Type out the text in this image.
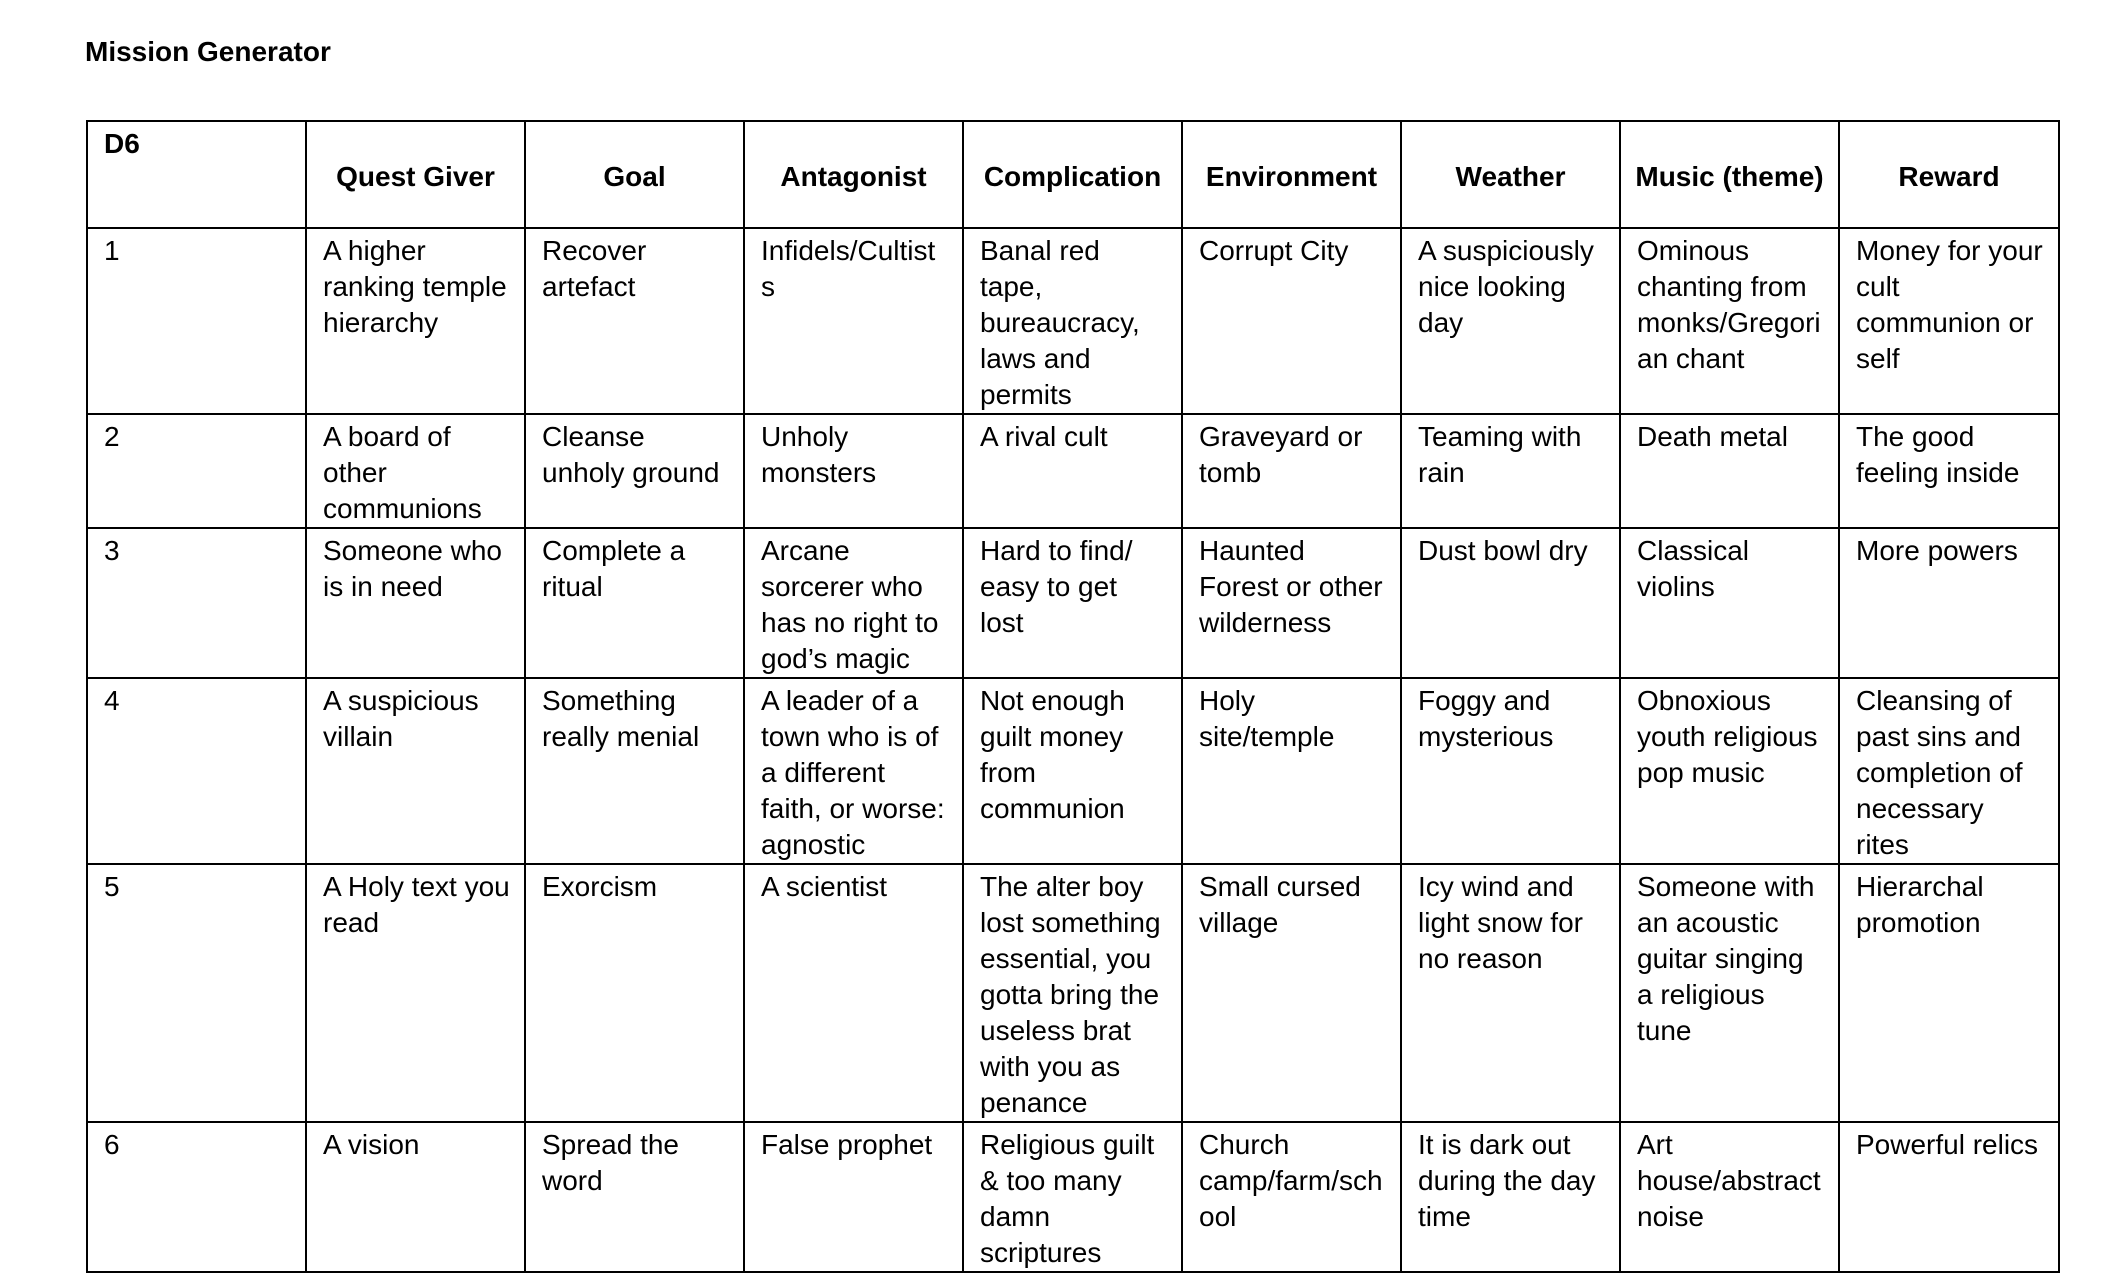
Mission Generator
D6	Quest Giver	Goal	Antagonist	Complication	Environment	Weather	Music (theme)	Reward
1	A higher ranking temple hierarchy	Recover artefact	Infidels/Cultists	Banal red tape, bureaucracy, laws and permits	Corrupt City	A suspiciously nice looking day	Ominous chanting from monks/Gregorian chant	Money for your cult communion or self
2	A board of other communions	Cleanse unholy ground	Unholy monsters	A rival cult	Graveyard or tomb	Teaming with rain	Death metal	The good feeling inside
3	Someone who is in need	Complete a ritual	Arcane sorcerer who has no right to god’s magic	Hard to find/ easy to get lost	Haunted Forest or other wilderness	Dust bowl dry	Classical violins	More powers
4	A suspicious villain	Something really menial	A leader of a town who is of a different faith, or worse: agnostic	Not enough guilt money from communion	Holy site/temple	Foggy and mysterious	Obnoxious youth religious pop music	Cleansing of past sins and completion of necessary rites
5	A Holy text you read	Exorcism	A scientist	The alter boy lost something essential, you gotta bring the useless brat with you as penance	Small cursed village	Icy wind and light snow for no reason	Someone with an acoustic guitar singing a religious tune	Hierarchal promotion
6	A vision	Spread the word	False prophet	Religious guilt & too many damn scriptures	Church camp/farm/school	It is dark out during the day time	Art house/abstract noise	Powerful relics
